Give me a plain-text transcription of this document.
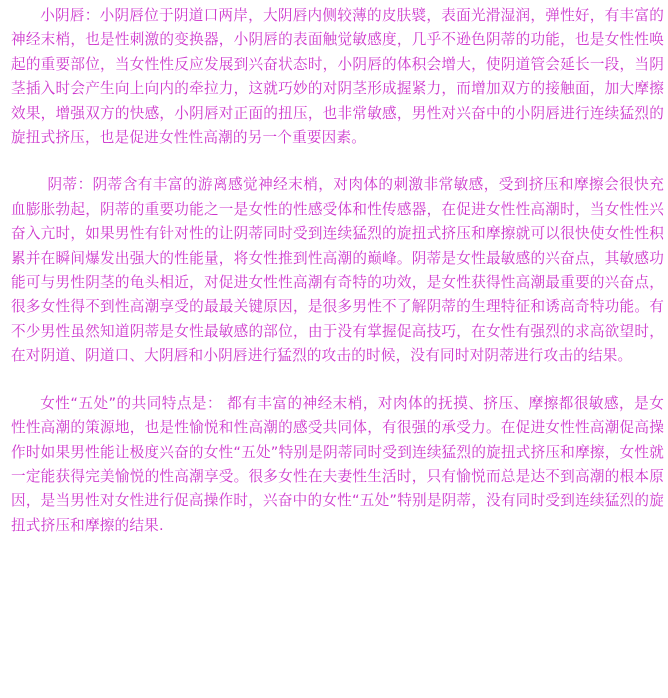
小阴唇：小阴唇位于阴道口两岸，大阴唇内侧较薄的皮肤襞，表面光滑湿润，弹性好，有丰富的神经末梢，也是性刺激的变换器，小阴唇的表面触觉敏感度，几乎不逊色阴蒂的功能，也是女性性唤起的重要部位，当女性性反应发展到兴奋状态时，小阴唇的体积会增大，使阴道管会延长一段，当阴茎插入时会产生向上向内的牵拉力，这就巧妙的对阴茎形成握紧力，而增加双方的接触面，加大摩擦效果，增强双方的快感，小阴唇对正面的扭压，也非常敏感，男性对兴奋中的小阴唇进行连续猛烈的旋扭式挤压，也是促进女性性高潮的另一个重要因素。

阴蒂：阴蒂含有丰富的游离感觉神经末梢，对肉体的刺激非常敏感，受到挤压和摩擦会很快充血膨胀勃起，阴蒂的重要功能之一是女性的性感受体和性传感器，在促进女性性高潮时，当女性性兴奋入亢时，如果男性有针对性的让阴蒂同时受到连续猛烈的旋扭式挤压和摩擦就可以很快使女性性积累并在瞬间爆发出强大的性能量，将女性推到性高潮的巅峰。阴蒂是女性最敏感的兴奋点，其敏感功能可与男性阴茎的龟头相近，对促进女性性高潮有奇特的功效，是女性获得性高潮最重要的兴奋点，很多女性得不到性高潮享受的最最关键原因，是很多男性不了解阴蒂的生理特征和诱高奇特功能。有不少男性虽然知道阴蒂是女性最敏感的部位，由于没有掌握促高技巧，在女性有强烈的求高欲望时，在对阴道、阴道口、大阴唇和小阴唇进行猛烈的攻击的时候，没有同时对阴蒂进行攻击的结果。

女性“五处”的共同特点是： 都有丰富的神经末梢，对肉体的抚摸、挤压、摩擦都很敏感，是女性性高潮的策源地，也是性愉悦和性高潮的感受共同体，有很强的承受力。在促进女性性高潮促高操作时如果男性能让极度兴奋的女性“五处”特别是阴蒂同时受到连续猛烈的旋扭式挤压和摩擦，女性就一定能获得完美愉悦的性高潮享受。很多女性在夫妻性生活时，只有愉悦而总是达不到高潮的根本原因，是当男性对女性进行促高操作时，兴奋中的女性“五处”特别是阴蒂，没有同时受到连续猛烈的旋扭式挤压和摩擦的结果.
